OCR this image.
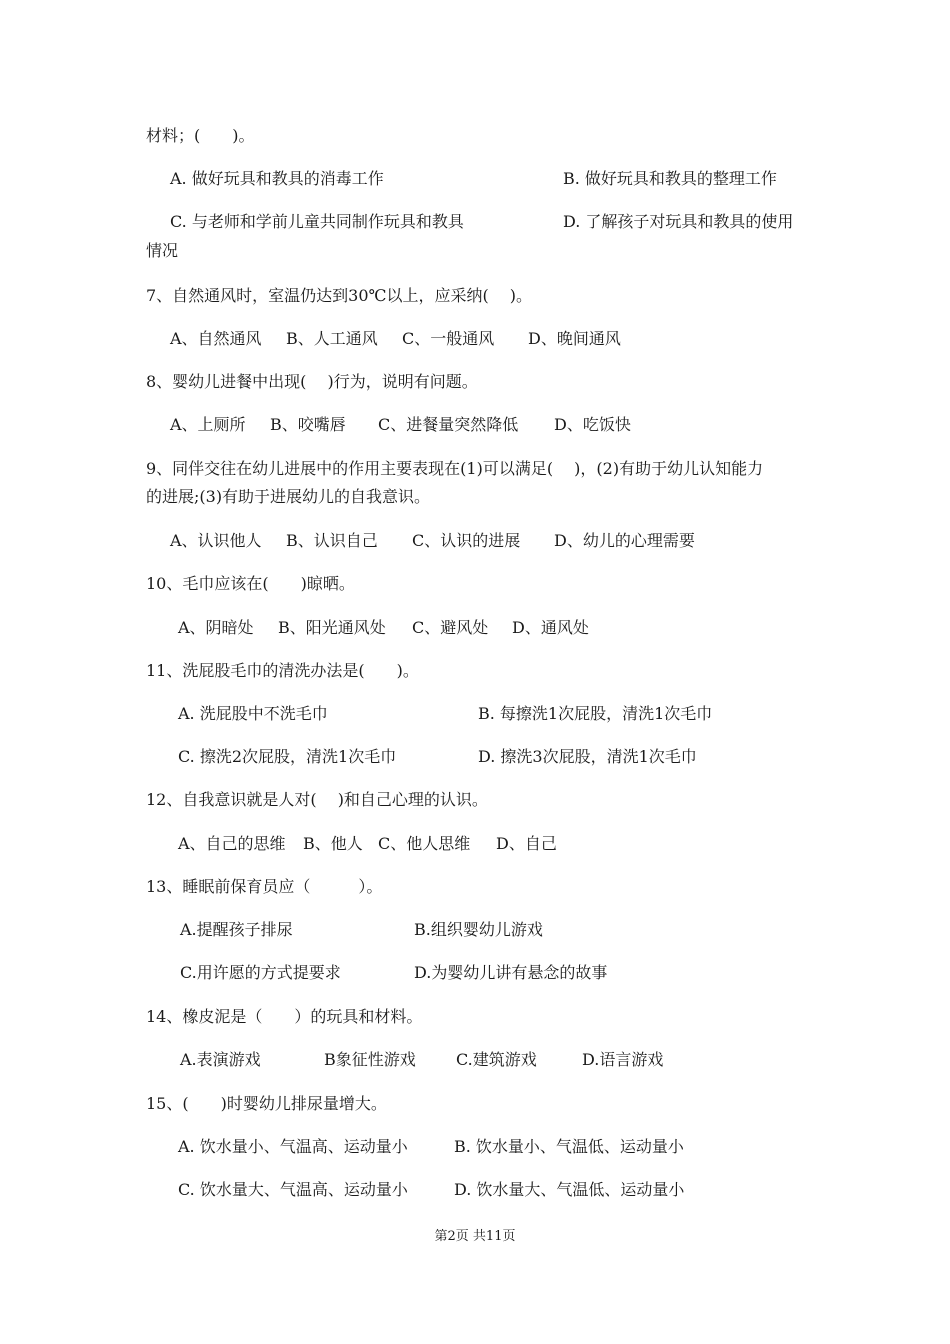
材料；(　　)。

A. 做好玩具和教具的消毒工作	B. 做好玩具和教具的整理工作

C. 与老师和学前儿童共同制作玩具和教具	D. 了解孩子对玩具和教具的使用

情况

7、自然通风时，室温仍达到30℃以上，应采纳(　 )。

A、自然通风 B、人工通风 C、一般通风 D、晚间通风

8、婴幼儿进餐中出现(　 )行为，说明有问题。

A、上厕所 B、咬嘴唇 C、进餐量突然降低 D、吃饭快

9、同伴交往在幼儿进展中的作用主要表现在(1)可以满足(　 )，(2)有助于幼儿认知能力

的进展;(3)有助于进展幼儿的自我意识。

A、认识他人 B、认识自己 C、认识的进展 D、幼儿的心理需要

10、毛巾应该在(　　)晾晒。

A、阴暗处 B、阳光通风处 C、避风处 D、通风处

11、洗屁股毛巾的清洗办法是(　　)。

A. 洗屁股中不洗毛巾	B. 每擦洗1次屁股，清洗1次毛巾

C. 擦洗2次屁股，清洗1次毛巾	D. 擦洗3次屁股，清洗1次毛巾

12、自我意识就是人对(　 )和自己心理的认识。

A、自己的思维 B、他人 C、他人思维 D、自己

13、睡眠前保育员应（　　　）。

A.提醒孩子排尿	B.组织婴幼儿游戏

C.用许愿的方式提要求	D.为婴幼儿讲有悬念的故事

14、橡皮泥是（　　）的玩具和材料。

A.表演游戏	B象征性游戏	C.建筑游戏	D.语言游戏

15、(　　)时婴幼儿排尿量增大。

A. 饮水量小、气温高、运动量小	B. 饮水量小、气温低、运动量小

C. 饮水量大、气温高、运动量小	D. 饮水量大、气温低、运动量小

第2页 共11页
